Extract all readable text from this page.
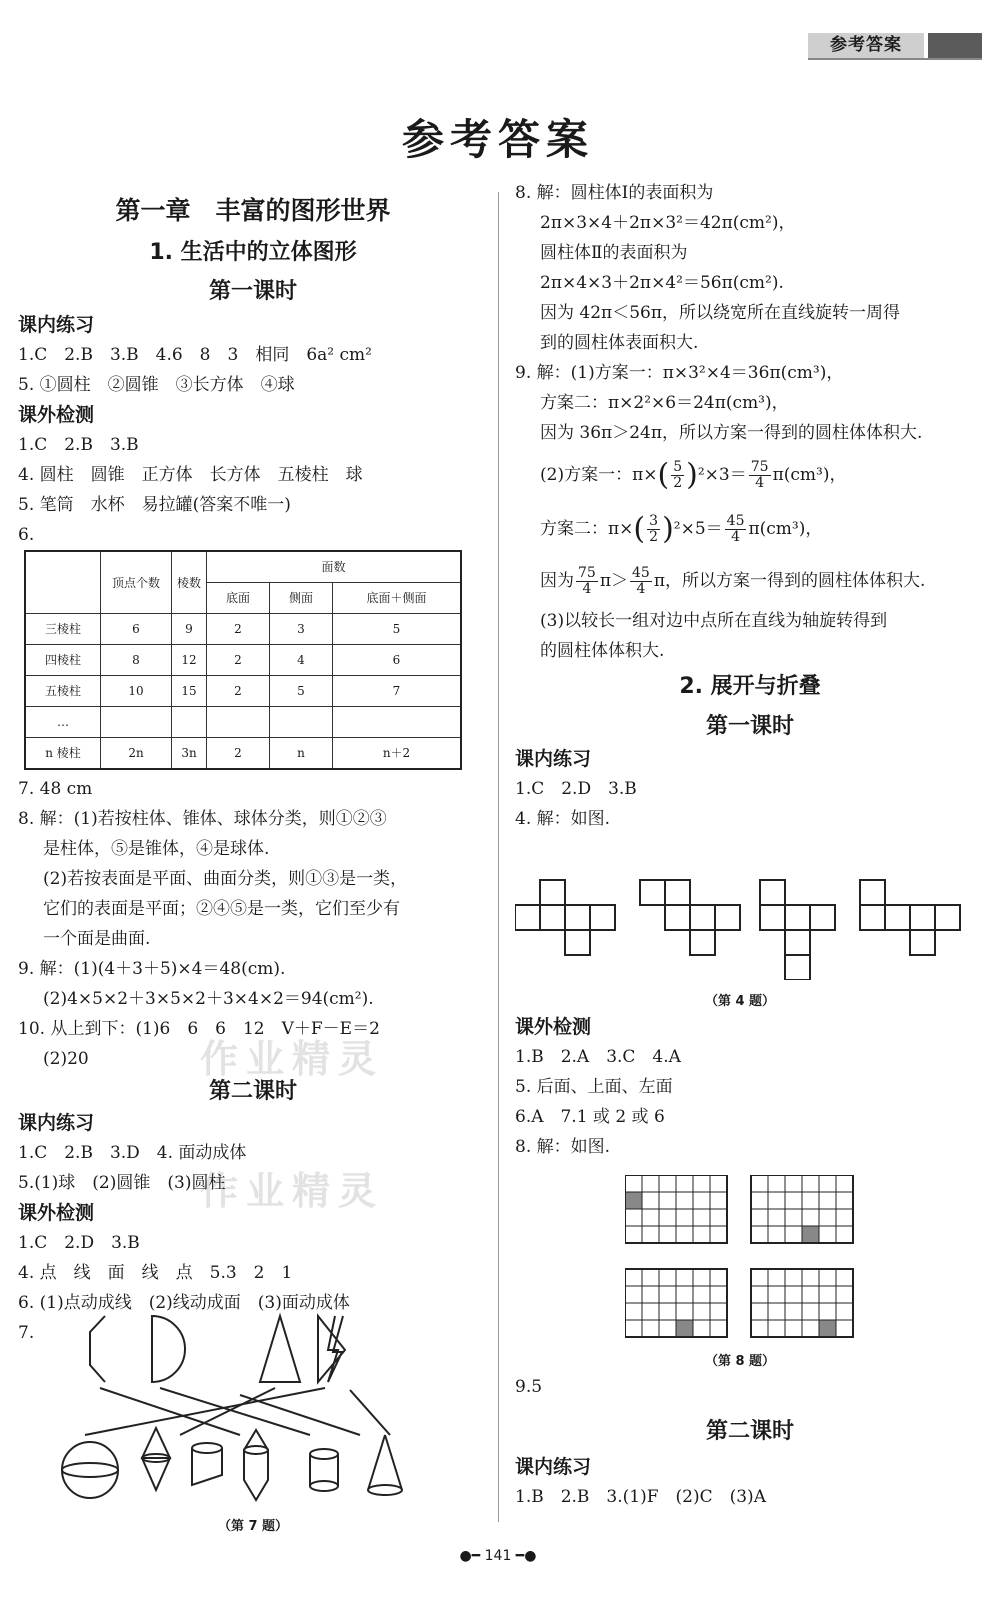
参考答案
参考答案
作业精灵
作业精灵
第一章　丰富的图形世界
1. 生活中的立体图形
第一课时
课内练习
1.C　2.B　3.B　4.6　8　3　相同　6a² cm²
5. ①圆柱　②圆锥　③长方体　④球
课外检测
1.C　2.B　3.B
4. 圆柱　圆锥　正方体　长方体　五棱柱　球
5. 笔筒　水杯　易拉罐(答案不唯一)
6.
	顶点个数	棱数	面数		
			底面	侧面	底面＋侧面
三棱柱	6	9	2	3	5
四棱柱	8	12	2	4	6
五棱柱	10	15	2	5	7
…					
n 棱柱	2n	3n	2	n	n＋2
7. 48 cm
8. 解：(1)若按柱体、锥体、球体分类，则①②③
是柱体，⑤是锥体，④是球体.
(2)若按表面是平面、曲面分类，则①③是一类，
它们的表面是平面；②④⑤是一类，它们至少有
一个面是曲面.
9. 解：(1)(4＋3＋5)×4＝48(cm).
(2)4×5×2＋3×5×2＋3×4×2＝94(cm²).
10. 从上到下：(1)6　6　6　12　V＋F－E＝2
(2)20
第二课时
课内练习
1.C　2.B　3.D　4. 面动成体
5.(1)球　(2)圆锥　(3)圆柱
课外检测
1.C　2.D　3.B
4. 点　线　面　线　点　5.3　2　1
6. (1)点动成线　(2)线动成面　(3)面动成体
7.
（第 7 题）
8. 解：圆柱体Ⅰ的表面积为
2π×3×4＋2π×3²＝42π(cm²)，
圆柱体Ⅱ的表面积为
2π×4×3＋2π×4²＝56π(cm²).
因为 42π＜56π，所以绕宽所在直线旋转一周得
到的圆柱体表面积大.
9. 解：(1)方案一：π×3²×4＝36π(cm³)，
方案二：π×2²×6＝24π(cm³)，
因为 36π＞24π，所以方案一得到的圆柱体体积大.
(2)方案一：$\pi\times( \frac{5}{2} )^2\times 3= \frac{75}{4} \pi(cm^3)$，
方案二：$\pi\times( \frac{3}{2} )^2\times 5= \frac{45}{4} \pi(cm^3)$，
因为 $\frac{75}{4} \pi> \frac{45}{4}$ π，所以方案一得到的圆柱体体积大.
(3)以较长一组对边中点所在直线为轴旋转得到
的圆柱体体积大.
2. 展开与折叠
第一课时
课内练习
1.C　2.D　3.B
4. 解：如图.
（第 4 题）
课外检测
1.B　2.A　3.C　4.A
5. 后面、上面、左面
6.A　7.1 或 2 或 6
8. 解：如图.
（第 8 题）
9.5
第二课时
课内练习
1.B　2.B　3.(1)F　(2)C　(3)A
●━ 141 ━●
